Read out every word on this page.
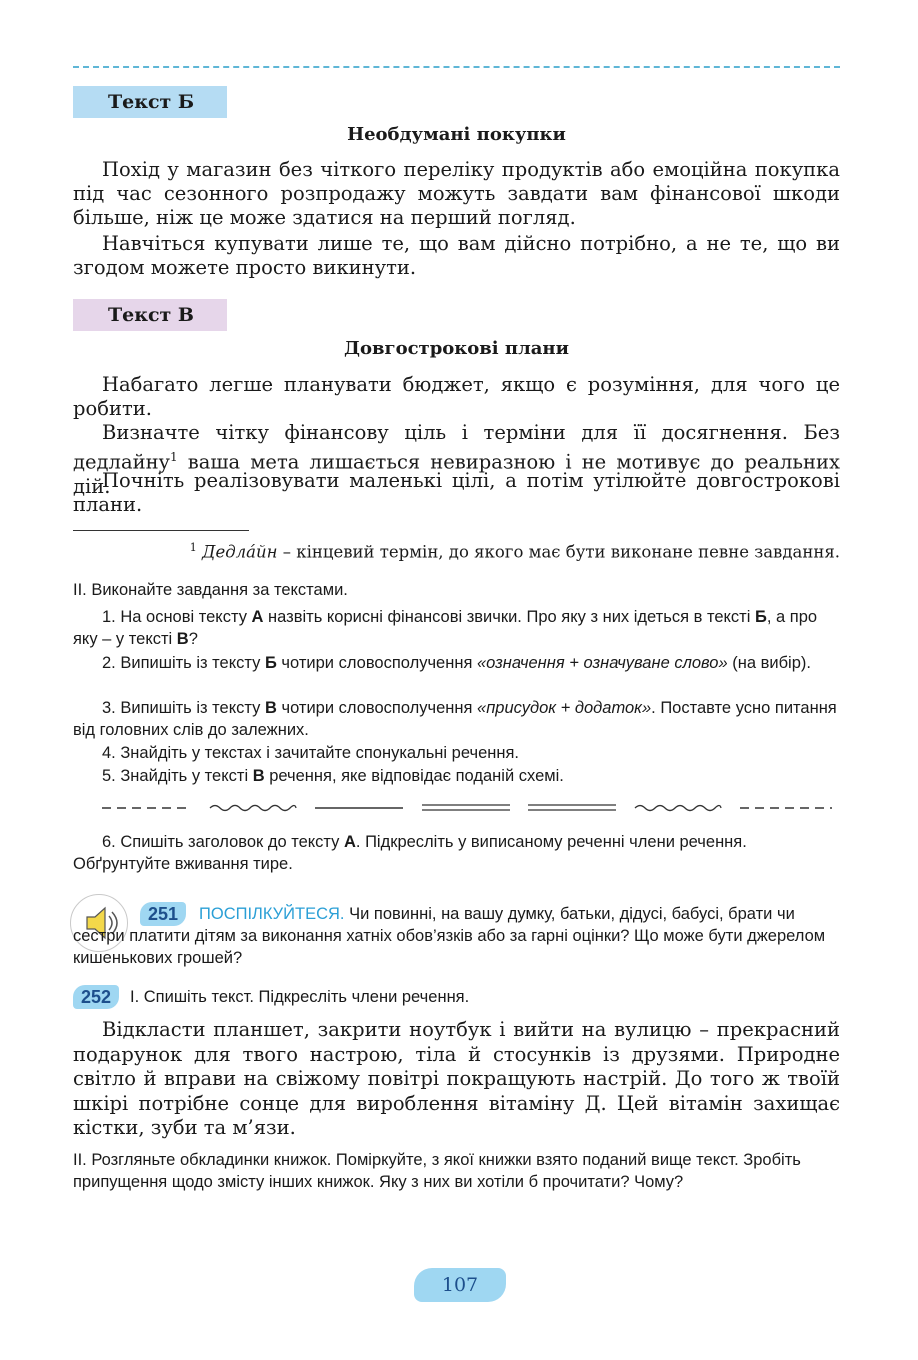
Текст Б
Необдумані покупки

Похід у магазин без чіткого переліку продуктів або емоційна покупка під час сезонного розпродажу можуть завдати вам фінансової шкоди більше, ніж це може здатися на перший погляд.

Навчіться купувати лише те, що вам дійсно потрібно, а не те, що ви згодом можете просто викинути.

Текст В
Довгострокові плани

Набагато легше планувати бюджет, якщо є розуміння, для чого це робити.

Визначте чітку фінансову ціль і терміни для її досягнення. Без дедлайну$^1$ ваша мета лишається невиразною і не мотивує до реальних дій.

Почніть реалізовувати маленькі цілі, а потім утілюйте довгострокові плани.

$^1$ Дедла́йн – кінцевий термін, до якого має бути виконане певне завдання.

ІІ. Виконайте завдання за текстами.

1. На основі тексту А назвіть корисні фінансові звички. Про яку з них ідеться в тексті Б, а про яку – у тексті В?

2. Випишіть із тексту Б чотири словосполучення «означення + означуване слово» (на вибір).

3. Випишіть із тексту В чотири словосполучення «присудок + додаток». Поставте усно питання від головних слів до залежних.

4. Знайдіть у текстах і зачитайте спонукальні речення.

5. Знайдіть у тексті В речення, яке відповідає поданій схемі.

6. Спишіть заголовок до тексту А. Підкресліть у виписаному реченні члени речення. Обґрунтуйте вживання тире.

251	ПОСПІЛКУЙТЕСЯ. Чи повинні, на вашу думку, батьки, дідусі, бабусі, брати чи сестри платити дітям за виконання хатніх обов’язків або за гарні оцінки? Що може бути джерелом кишенькових грошей?

252	І. Спишіть текст. Підкресліть члени речення.

Відкласти планшет, закрити ноутбук і вийти на вулицю – прекрасний подарунок для твого настрою, тіла й стосунків із друзями. Природне світло й вправи на свіжому повітрі покращують настрій. До того ж твоїй шкірі потрібне сонце для вироблення вітаміну Д. Цей вітамін захищає кістки, зуби та м’язи.

ІІ. Розгляньте обкладинки книжок. Поміркуйте, з якої книжки взято поданий вище текст. Зробіть припущення щодо змісту інших книжок. Яку з них ви хотіли б прочитати? Чому?

107
